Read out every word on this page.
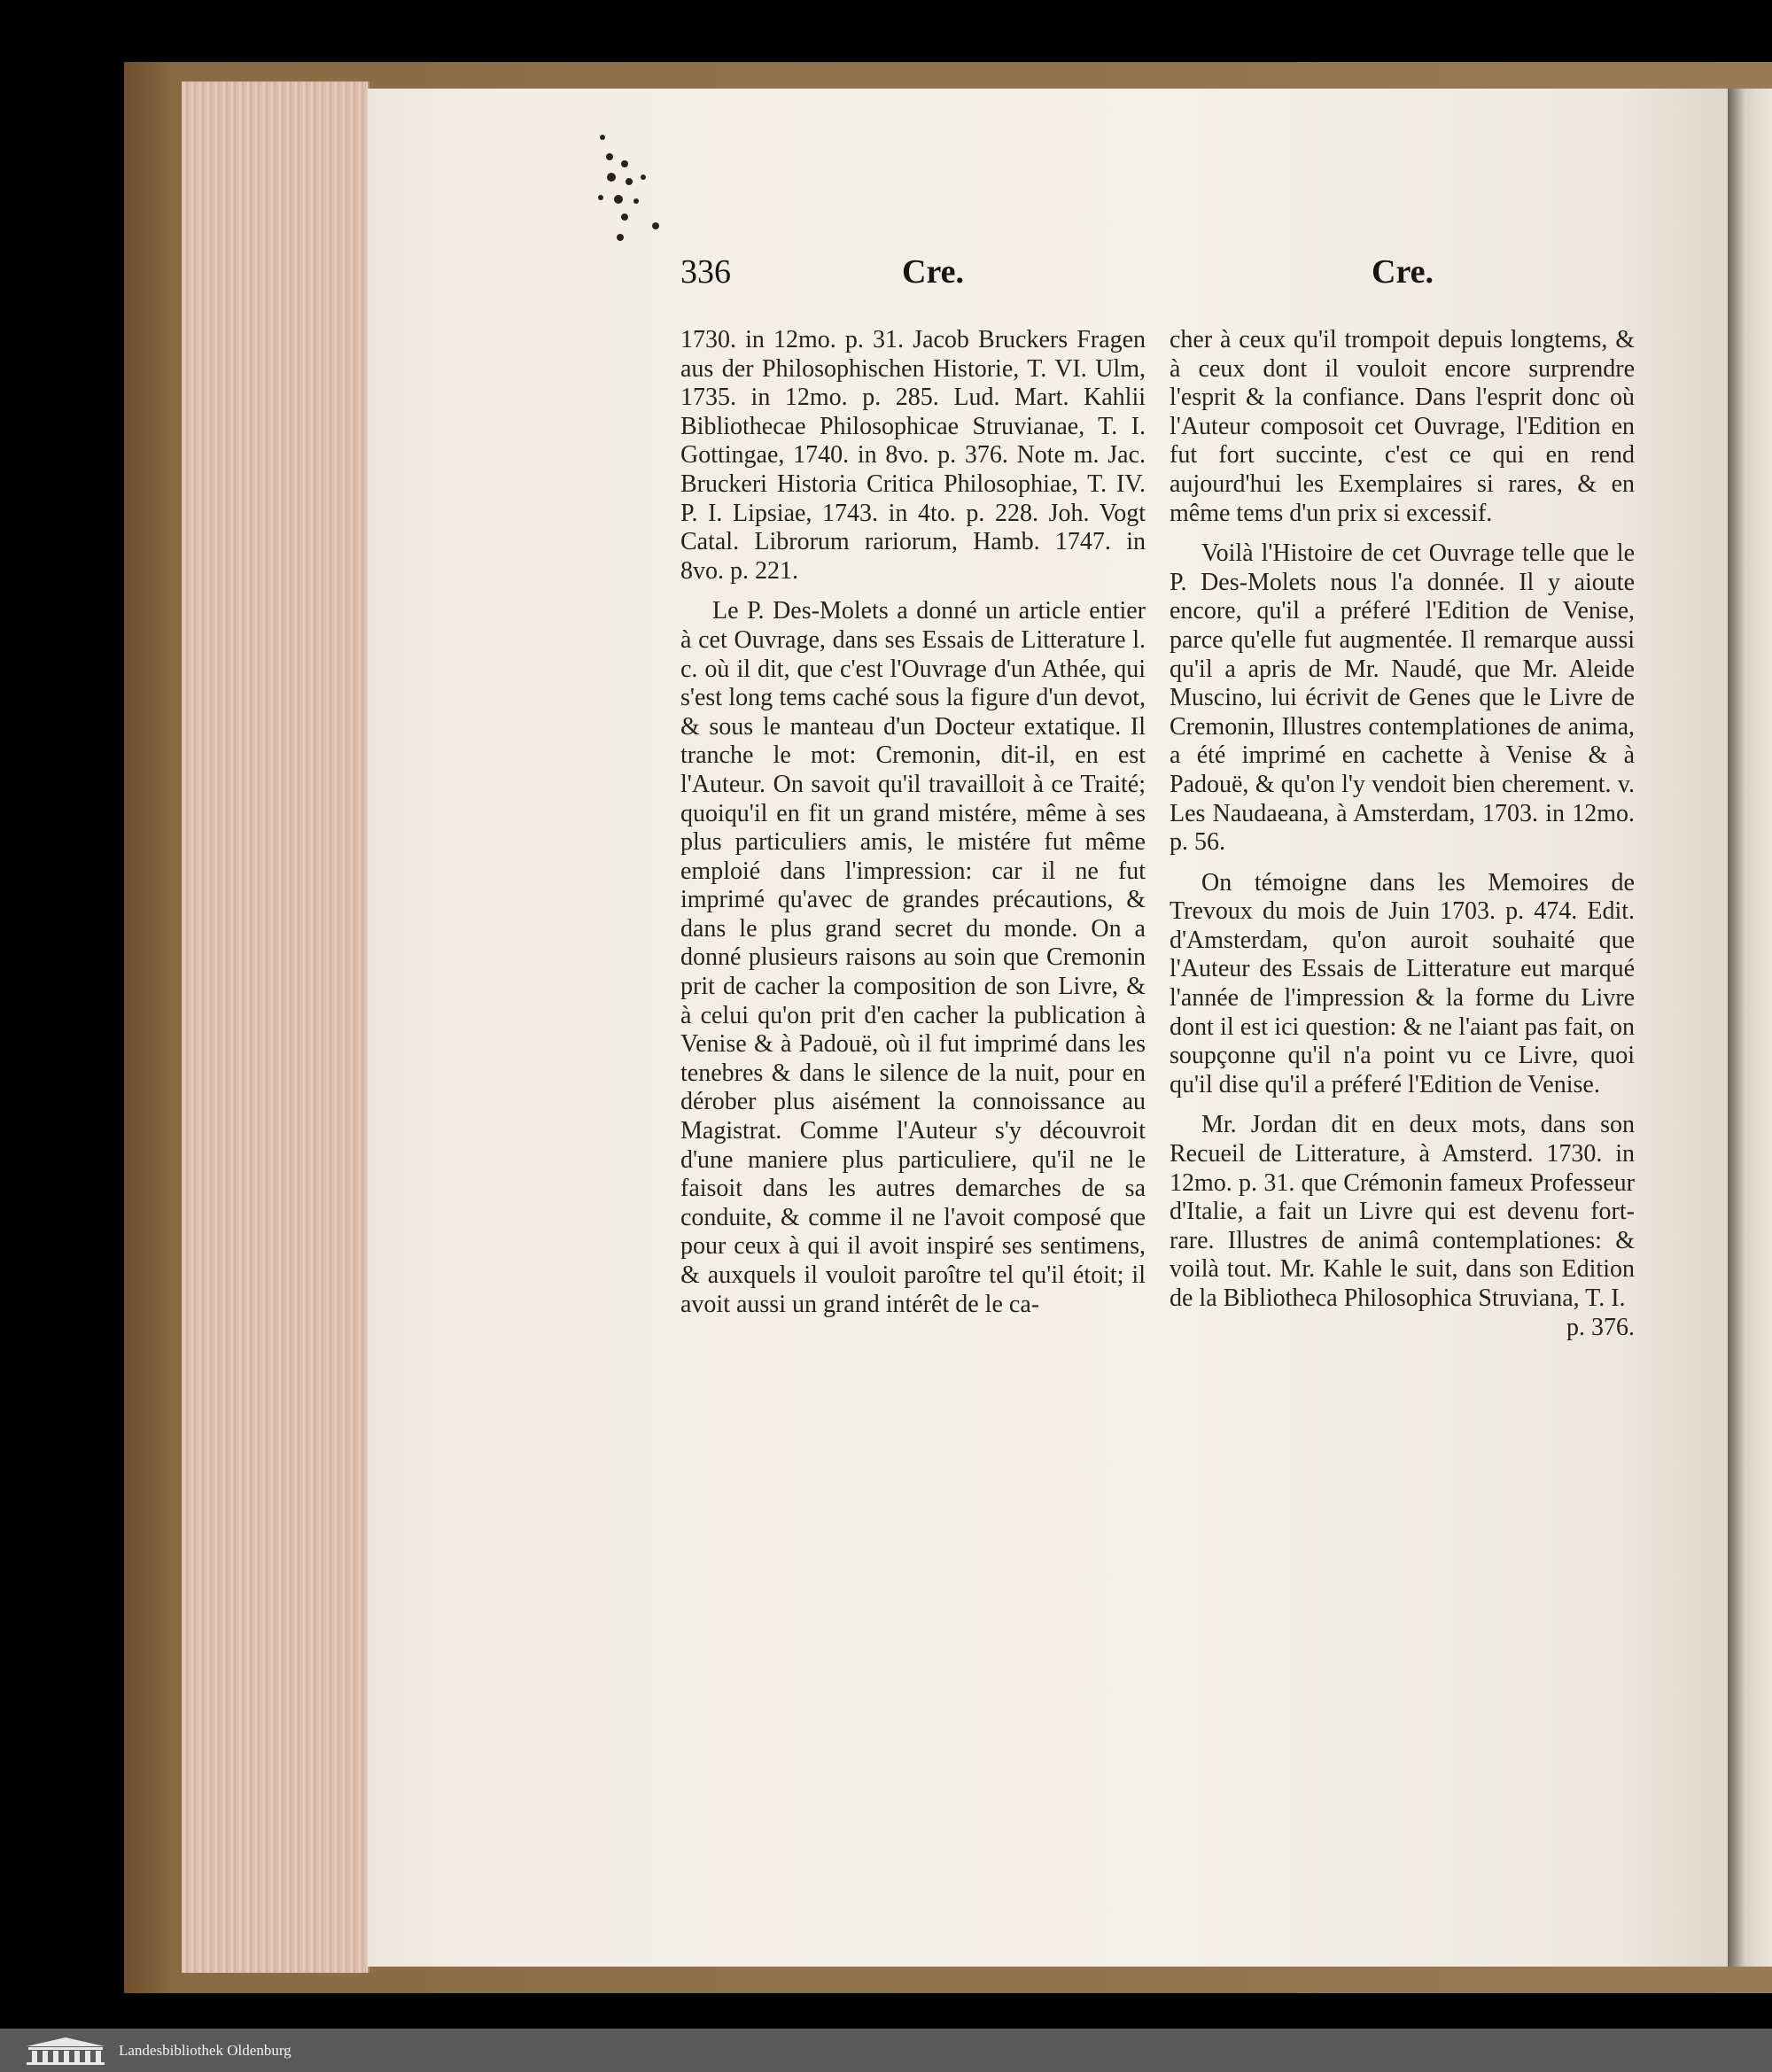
336	Cre.	Cre.

1730. in 12mo. p. 31. Jacob Bruckers Fragen aus der Philosophischen Historie, T. VI. Ulm, 1735. in 12mo. p. 285. Lud. Mart. Kahlii Bibliothecae Philosophicae Struvianae, T. I. Gottingae, 1740. in 8vo. p. 376. Note m. Jac. Bruckeri Historia Critica Philosophiae, T. IV. P. I. Lipsiae, 1743. in 4to. p. 228. Joh. Vogt Catal. Librorum rariorum, Hamb. 1747. in 8vo. p. 221.

Le P. Des-Molets a donné un article entier à cet Ouvrage, dans ses Essais de Litterature l. c. où il dit, que c'est l'Ouvrage d'un Athée, qui s'est long tems caché sous la figure d'un devot, & sous le manteau d'un Docteur extatique. Il tranche le mot: Cremonin, dit-il, en est l'Auteur. On savoit qu'il travailloit à ce Traité; quoiqu'il en fit un grand mistére, même à ses plus particuliers amis, le mistére fut même emploié dans l'impression: car il ne fut imprimé qu'avec de grandes précautions, & dans le plus grand secret du monde. On a donné plusieurs raisons au soin que Cremonin prit de cacher la composition de son Livre, & à celui qu'on prit d'en cacher la publication à Venise & à Padouë, où il fut imprimé dans les tenebres & dans le silence de la nuit, pour en dérober plus aisément la connoissance au Magistrat. Comme l'Auteur s'y découvroit d'une maniere plus particuliere, qu'il ne le faisoit dans les autres demarches de sa conduite, & comme il ne l'avoit composé que pour ceux à qui il avoit inspiré ses sentimens, & auxquels il vouloit paroître tel qu'il étoit; il avoit aussi un grand intérêt de le ca-

cher à ceux qu'il trompoit depuis longtems, & à ceux dont il vouloit encore surprendre l'esprit & la confiance. Dans l'esprit donc où l'Auteur composoit cet Ouvrage, l'Edition en fut fort succinte, c'est ce qui en rend aujourd'hui les Exemplaires si rares, & en même tems d'un prix si excessif.

Voilà l'Histoire de cet Ouvrage telle que le P. Des-Molets nous l'a donnée. Il y aioute encore, qu'il a préferé l'Edition de Venise, parce qu'elle fut augmentée. Il remarque aussi qu'il a apris de Mr. Naudé, que Mr. Aleide Muscino, lui écrivit de Genes que le Livre de Cremonin, Illustres contemplationes de anima, a été imprimé en cachette à Venise & à Padouë, & qu'on l'y vendoit bien cherement. v. Les Naudaeana, à Amsterdam, 1703. in 12mo. p. 56.

On témoigne dans les Memoires de Trevoux du mois de Juin 1703. p. 474. Edit. d'Amsterdam, qu'on auroit souhaité que l'Auteur des Essais de Litterature eut marqué l'année de l'impression & la forme du Livre dont il est ici question: & ne l'aiant pas fait, on soupçonne qu'il n'a point vu ce Livre, quoi qu'il dise qu'il a préferé l'Edition de Venise.

Mr. Jordan dit en deux mots, dans son Recueil de Litterature, à Amsterd. 1730. in 12mo. p. 31. que Crémonin fameux Professeur d'Italie, a fait un Livre qui est devenu fort-rare. Illustres de animâ contemplationes: & voilà tout. Mr. Kahle le suit, dans son Edition de la Bibliotheca Philosophica Struviana, T. I.

p. 376.

Landesbibliothek Oldenburg
